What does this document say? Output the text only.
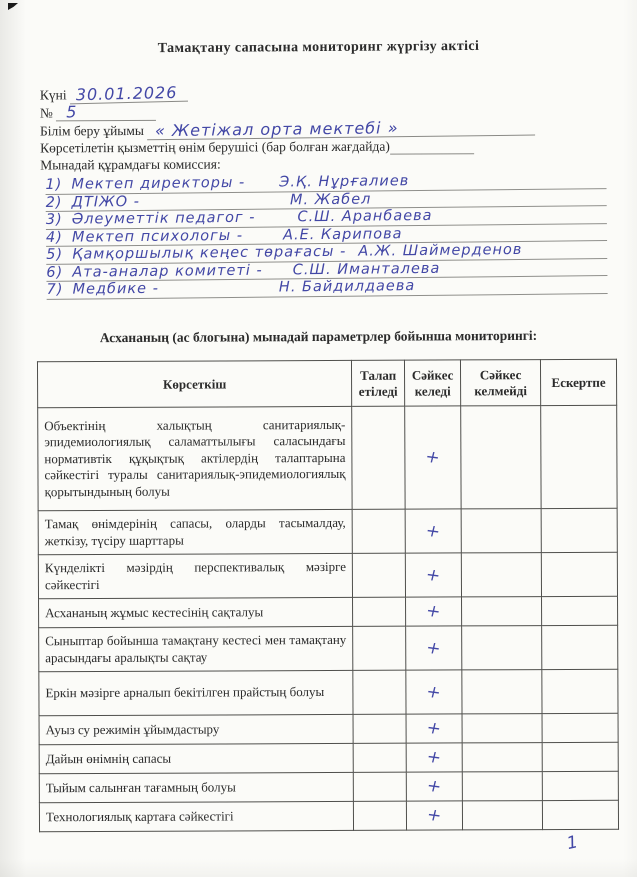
Тамақтану сапасына мониторинг жүргізу актісі
Күні 30.01.2026
№ 5
Білім беру ұйымы « Жетіжал орта мектебі »
Көрсетілетін қызметтің өнім берушісі (бар болған жағдайда)
Мынадай құрамдағы комиссия:
1) Мектеп директоры - Э.Қ. Нұрғалиев
2) ДТІЖО -	М. Жабел
3) Әлеуметтік педагог -	С.Ш. Аранбаева
4) Мектеп психологы -	А.Е. Карипова
5) Қамқоршылық кеңес төрағасы - А.Ж. Шаймерденов
6) Ата-аналар комитеті - С.Ш. Иманталева
7) Медбике -	Н. Байдилдаева
Асхананың (ас блогына) мынадай параметрлер бойынша мониторингі:
Көрсеткіш	Талап етіледі	Сәйкес келеді	Сәйкес келмейді	Ескертпе
Объектінің халықтың санитариялық-эпидемиологиялық саламаттылығы саласындағы нормативтік құқықтық актілердің талаптарына сәйкестігі туралы санитариялық-эпидемиологиялық қорытындының болуы		+		
Тамақ өнімдерінің сапасы, оларды тасымалдау, жеткізу, түсіру шарттары		+		
Күнделікті мәзірдің перспективалық мәзірге сәйкестігі		+		
Асхананың жұмыс кестесінің сақталуы		+		
Сыныптар бойынша тамақтану кестесі мен тамақтану арасындағы аралықты сақтау		+		
Еркін мәзірге арналып бекітілген прайстың болуы		+		
Ауыз су режимін ұйымдастыру		+		
Дайын өнімнің сапасы		+		
Тыйым салынған тағамның болуы		+		
Технологиялық картаға сәйкестігі		+		
1
